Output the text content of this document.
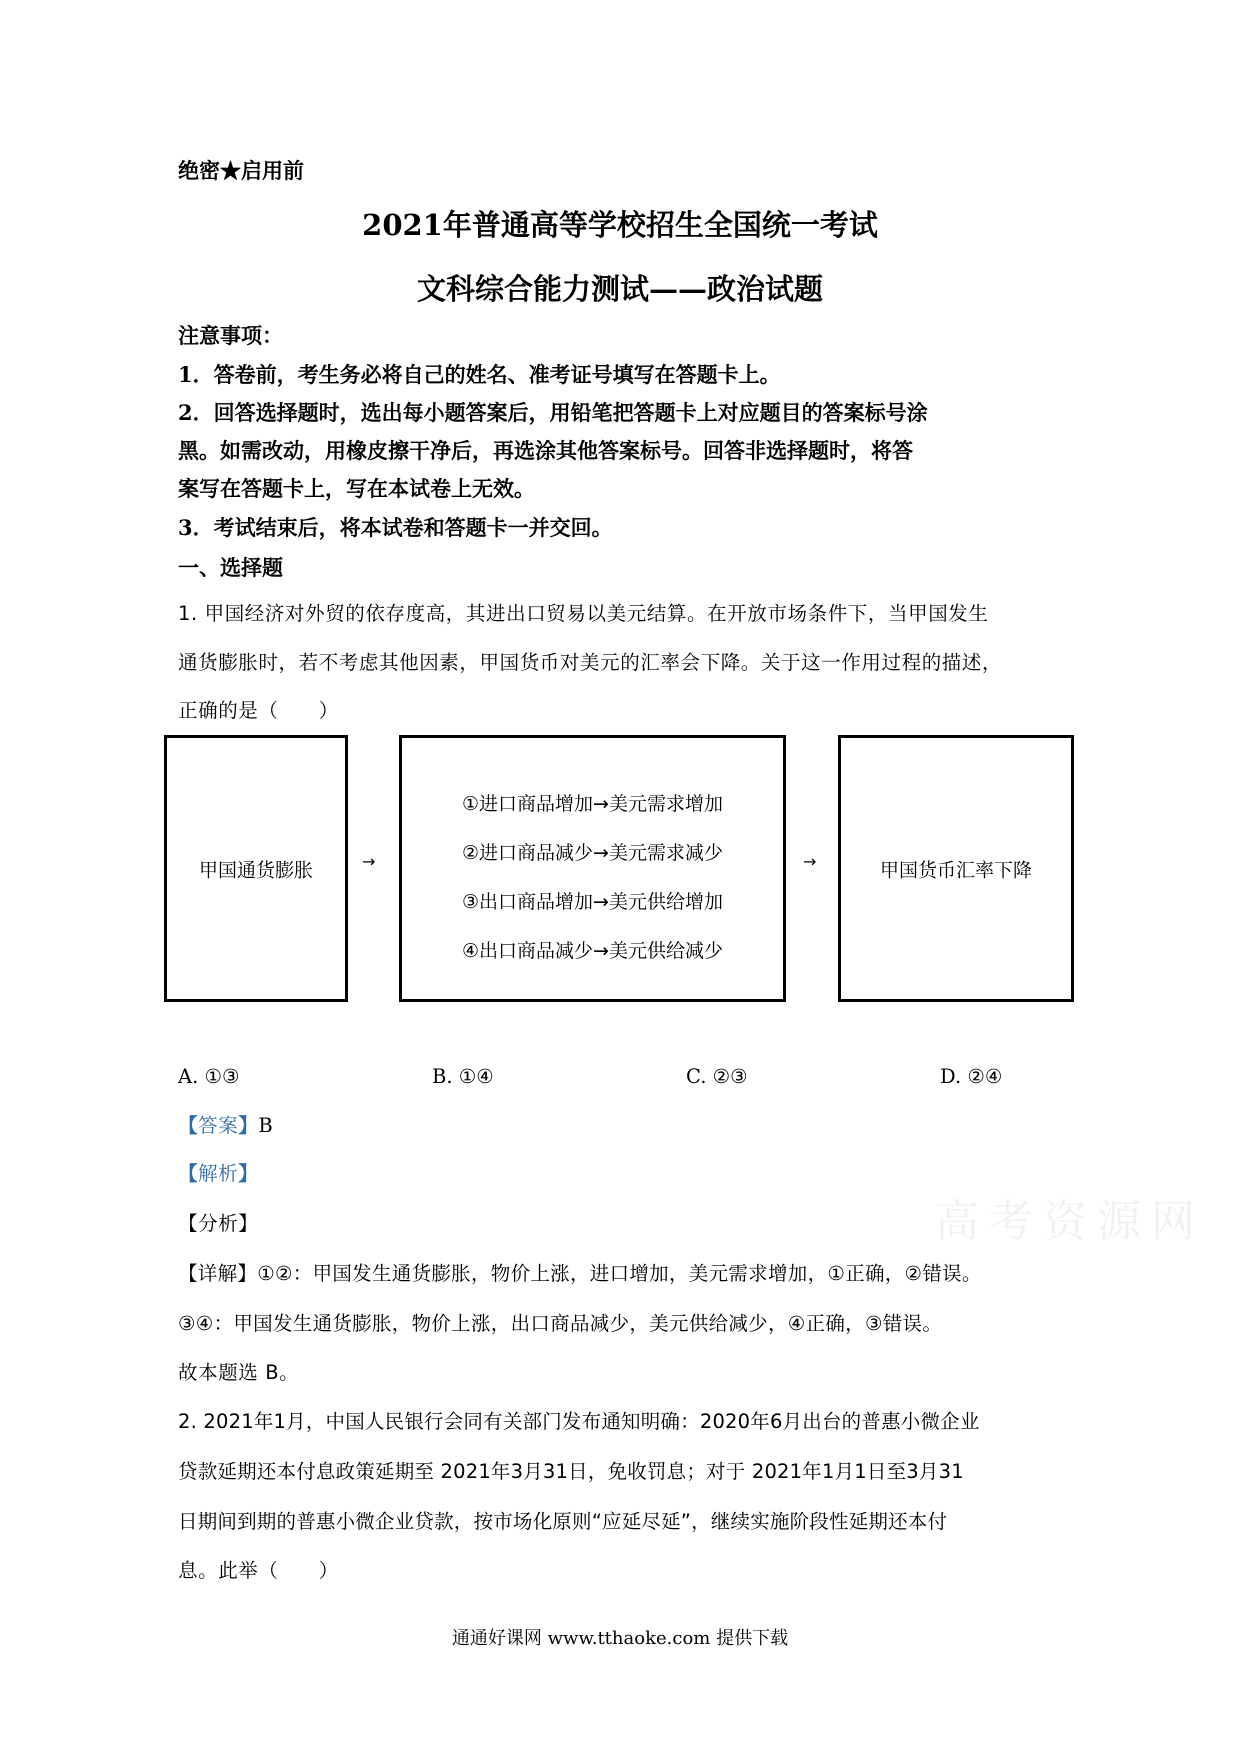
绝密★启用前
2021年普通高等学校招生全国统一考试
文科综合能力测试——政治试题
注意事项：
1．答卷前，考生务必将自己的姓名、准考证号填写在答题卡上。
2．回答选择题时，选出每小题答案后，用铅笔把答题卡上对应题目的答案标号涂
黑。如需改动，用橡皮擦干净后，再选涂其他答案标号。回答非选择题时，将答
案写在答题卡上，写在本试卷上无效。
3．考试结束后，将本试卷和答题卡一并交回。
一、选择题
1. 甲国经济对外贸的依存度高，其进出口贸易以美元结算。在开放市场条件下，当甲国发生
通货膨胀时，若不考虑其他因素，甲国货币对美元的汇率会下降。关于这一作用过程的描述，
正确的是（　　）
甲国通货膨胀	→
①进口商品增加→美元需求增加
②进口商品减少→美元需求减少
③出口商品增加→美元供给增加
④出口商品减少→美元供给减少
→	甲国货币汇率下降
A. ①③	B. ①④	C. ②③	D. ②④
【答案】B
【解析】
【分析】
【详解】①②：甲国发生通货膨胀，物价上涨，进口增加，美元需求增加，①正确，②错误。
③④：甲国发生通货膨胀，物价上涨，出口商品减少，美元供给减少，④正确，③错误。
故本题选 B。
高考资源网
2. 2021年1月，中国人民银行会同有关部门发布通知明确：2020年6月出台的普惠小微企业
贷款延期还本付息政策延期至 2021年3月31日，免收罚息；对于 2021年1月1日至3月31
日期间到期的普惠小微企业贷款，按市场化原则“应延尽延”，继续实施阶段性延期还本付
息。此举（　　）
通通好课网 www.tthaoke.com 提供下载
